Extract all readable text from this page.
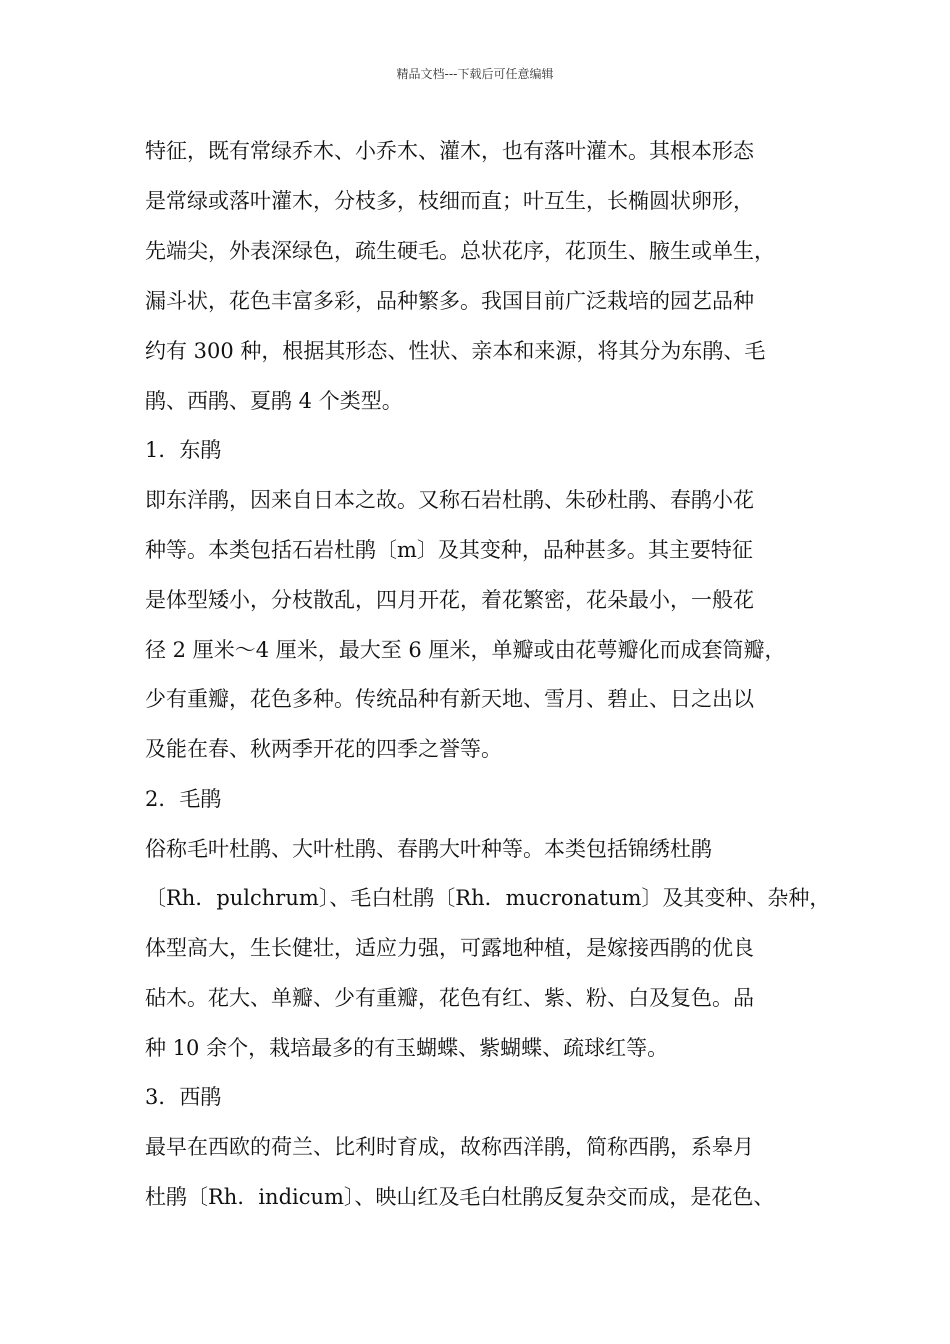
精品文档---下载后可任意编辑
特征，既有常绿乔木、小乔木、灌木，也有落叶灌木。其根本形态
是常绿或落叶灌木，分枝多，枝细而直；叶互生，长椭圆状卵形，
先端尖，外表深绿色，疏生硬毛。总状花序，花顶生、腋生或单生，
漏斗状，花色丰富多彩，品种繁多。我国目前广泛栽培的园艺品种
约有 300 种，根据其形态、性状、亲本和来源，将其分为东鹃、毛
鹃、西鹃、夏鹃 4 个类型。
1．东鹃
即东洋鹃，因来自日本之故。又称石岩杜鹃、朱砂杜鹃、春鹃小花
种等。本类包括石岩杜鹃〔m〕及其变种，品种甚多。其主要特征
是体型矮小，分枝散乱，四月开花，着花繁密，花朵最小，一般花
径 2 厘米～4 厘米，最大至 6 厘米，单瓣或由花萼瓣化而成套筒瓣，
少有重瓣，花色多种。传统品种有新天地、雪月、碧止、日之出以
及能在春、秋两季开花的四季之誉等。
2．毛鹃
俗称毛叶杜鹃、大叶杜鹃、春鹃大叶种等。本类包括锦绣杜鹃
〔Rh．pulchrum〕、毛白杜鹃〔Rh．mucronatum〕及其变种、杂种，
体型高大，生长健壮，适应力强，可露地种植，是嫁接西鹃的优良
砧木。花大、单瓣、少有重瓣，花色有红、紫、粉、白及复色。品
种 10 余个，栽培最多的有玉蝴蝶、紫蝴蝶、疏球红等。
3．西鹃
最早在西欧的荷兰、比利时育成，故称西洋鹃，简称西鹃，系皋月
杜鹃〔Rh．indicum〕、映山红及毛白杜鹃反复杂交而成，是花色、
